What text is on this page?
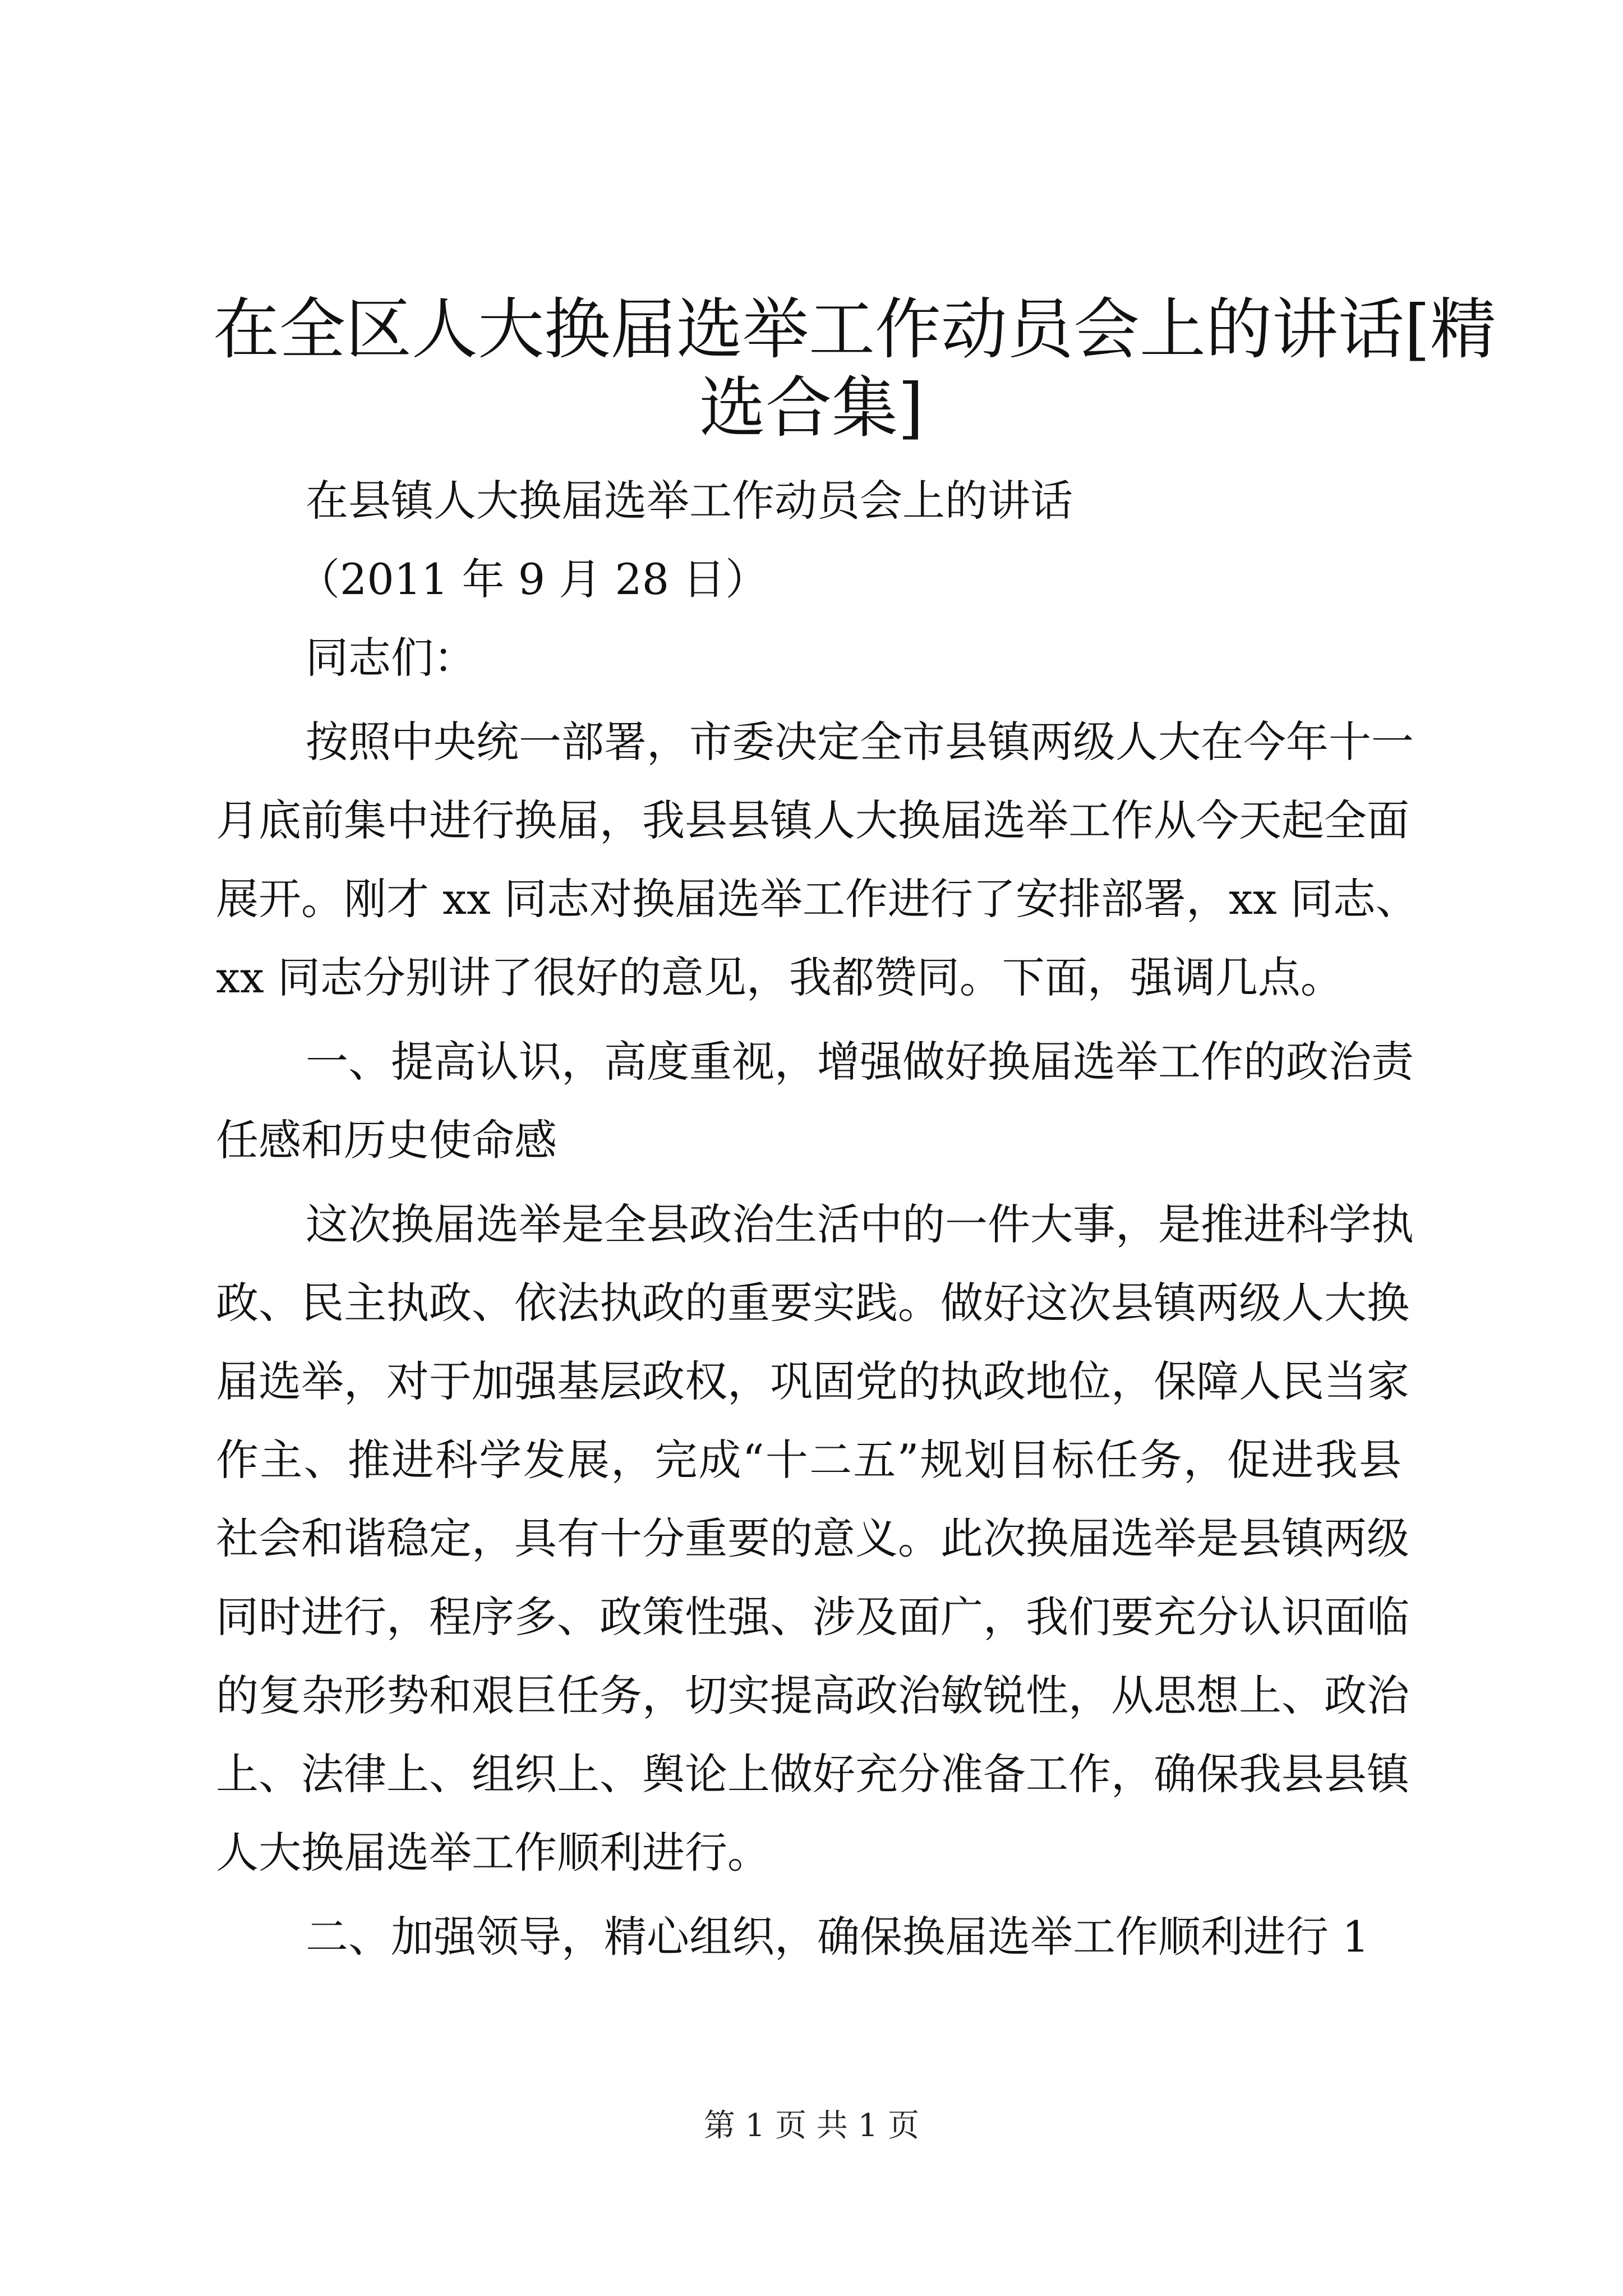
在全区人大换届选举工作动员会上的讲话[精
选合集]
在县镇人大换届选举工作动员会上的讲话
（2011 年 9 月 28 日）
同志们：
按照中央统一部署，市委决定全市县镇两级人大在今年十一
月底前集中进行换届，我县县镇人大换届选举工作从今天起全面
展开。刚才 xx 同志对换届选举工作进行了安排部署，xx 同志、
xx 同志分别讲了很好的意见，我都赞同。下面，强调几点。
一、提高认识，高度重视，增强做好换届选举工作的政治责
任感和历史使命感
这次换届选举是全县政治生活中的一件大事，是推进科学执
政、民主执政、依法执政的重要实践。做好这次县镇两级人大换
届选举，对于加强基层政权，巩固党的执政地位，保障人民当家
作主、推进科学发展，完成“十二五”规划目标任务，促进我县
社会和谐稳定，具有十分重要的意义。此次换届选举是县镇两级
同时进行，程序多、政策性强、涉及面广，我们要充分认识面临
的复杂形势和艰巨任务，切实提高政治敏锐性，从思想上、政治
上、法律上、组织上、舆论上做好充分准备工作，确保我县县镇
人大换届选举工作顺利进行。
二、加强领导，精心组织，确保换届选举工作顺利进行 1
第 1 页 共 1 页
